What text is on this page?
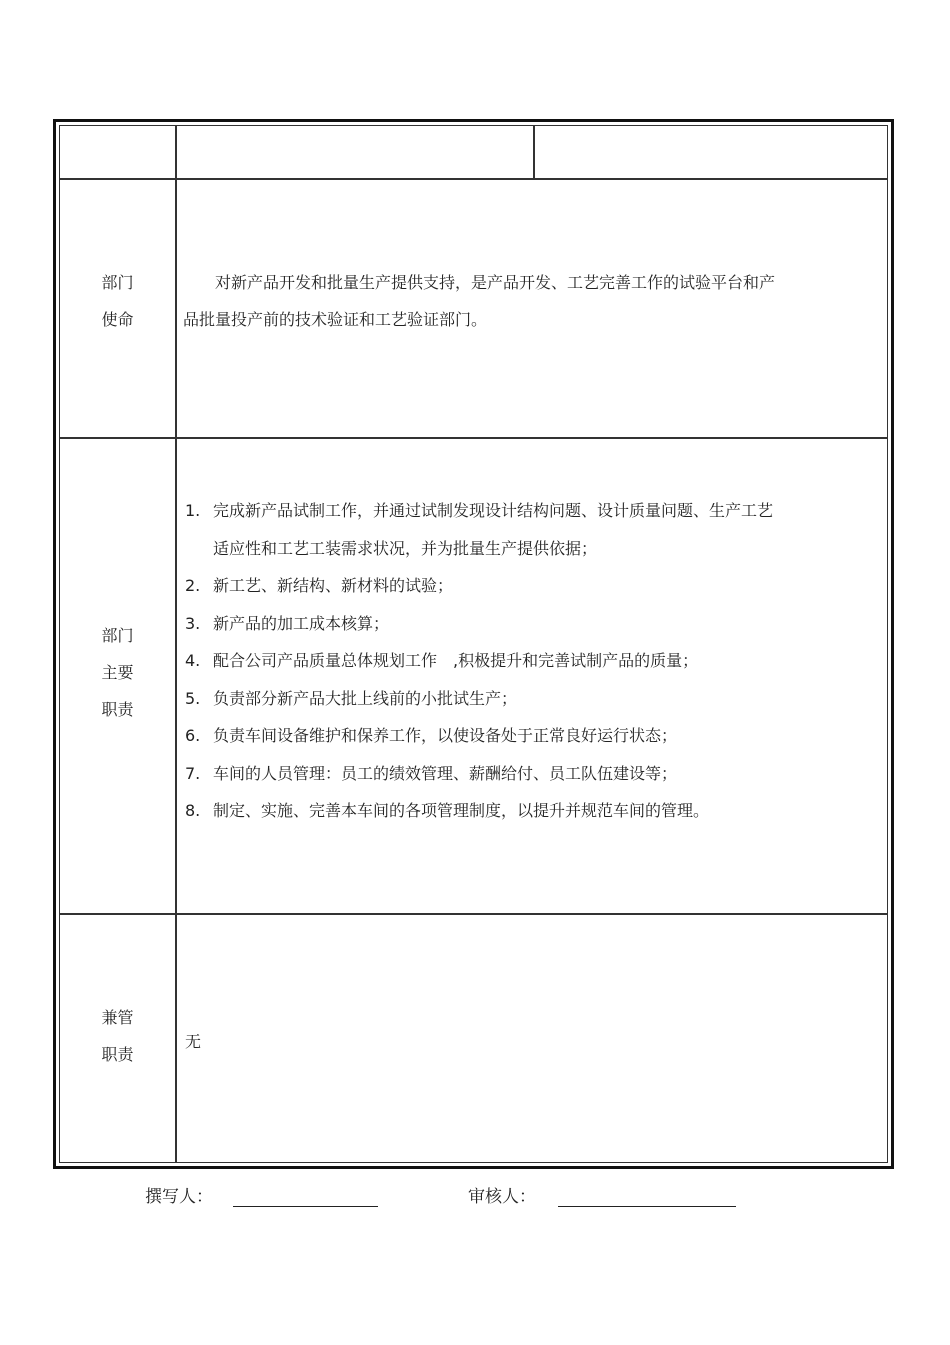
部门
使命
对新产品开发和批量生产提供支持，是产品开发、工艺完善工作的试验平台和产
品批量投产前的技术验证和工艺验证部门。
部门
主要
职责
1. 完成新产品试制工作，并通过试制发现设计结构问题、设计质量问题、生产工艺
适应性和工艺工装需求状况，并为批量生产提供依据；
2. 新工艺、新结构、新材料的试验；
3. 新产品的加工成本核算；
4. 配合公司产品质量总体规划工作　,积极提升和完善试制产品的质量；
5. 负责部分新产品大批上线前的小批试生产；
6. 负责车间设备维护和保养工作，以使设备处于正常良好运行状态；
7. 车间的人员管理：员工的绩效管理、薪酬给付、员工队伍建设等；
8. 制定、实施、完善本车间的各项管理制度，以提升并规范车间的管理。
兼管
职责
无
撰写人：	审核人：
